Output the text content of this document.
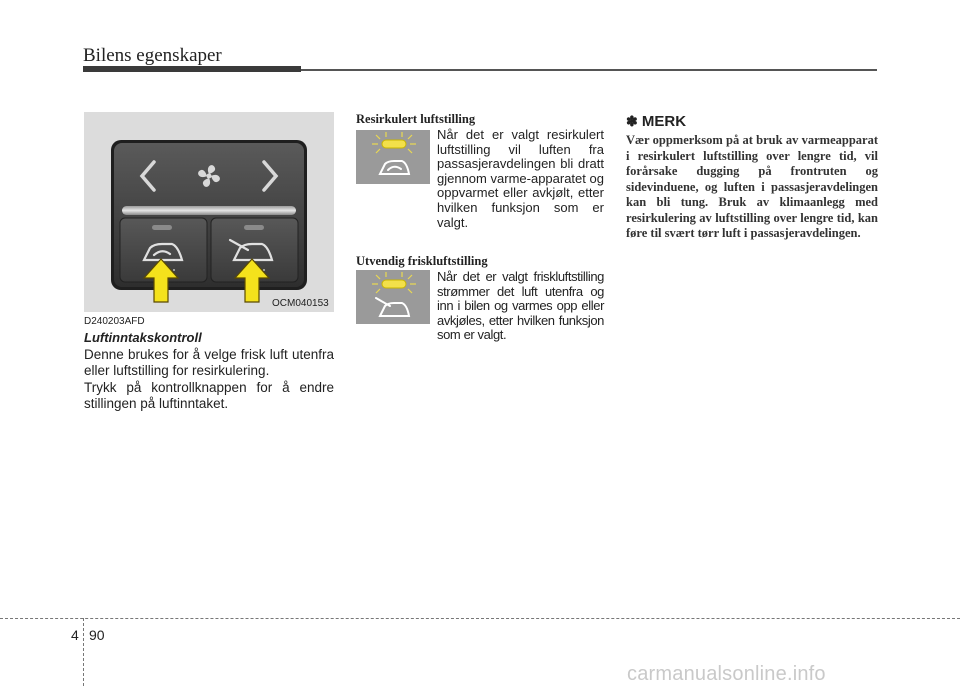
Bilens egenskaper
OCM040153
D240203AFD
Luftinntakskontroll
Denne brukes for å velge frisk luft utenfra eller luftstilling for resirkulering.
Trykk på kontrollknappen for å endre stillingen på luftinntaket.
Resirkulert luftstilling
Når det er valgt resirkulert luftstilling vil luften fra passasjeravdelingen bli dratt gjennom varme-apparatet og oppvarmet eller avkjølt, etter hvilken funksjon som er valgt.
Utvendig friskluftstilling
Når det er valgt friskluftstilling strømmer det luft utenfra og inn i bilen og varmes opp eller avkjøles, etter hvilken funksjon som er valgt.
✽ MERK
Vær oppmerksom på at bruk av varmeapparat i resirkulert luftstilling over lengre tid, vil forårsake dugging på frontruten og sidevinduene, og luften i passasjeravdelingen kan bli tung. Bruk av klimaanlegg med resirkulering av luftstilling over lengre tid, kan føre til svært tørr luft i passasjeravdelingen.
4 90
carmanualsonline.info
